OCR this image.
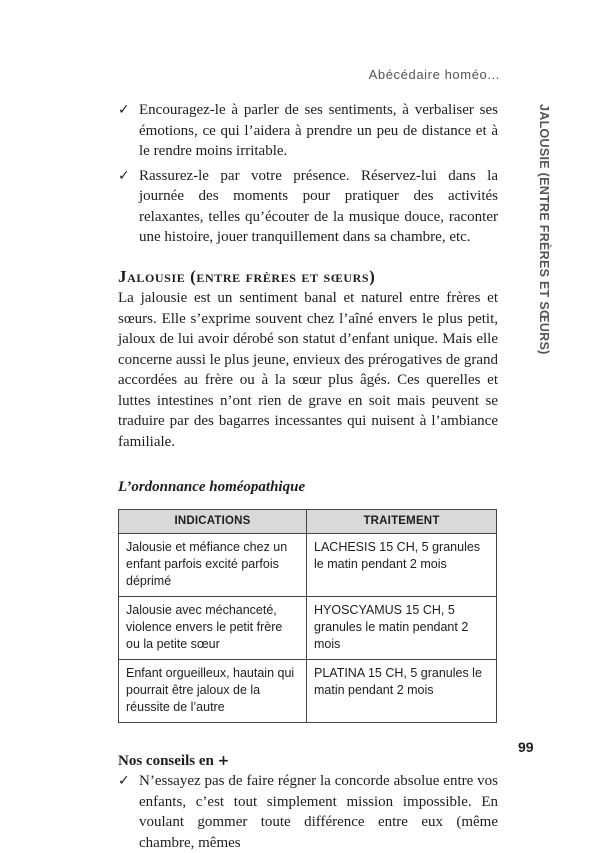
Abécédaire homéo...
JALOUSIE (ENTRE FRÈRES ET SŒURS)
✓ Encouragez-le à parler de ses sentiments, à verbaliser ses émotions, ce qui l’aidera à prendre un peu de distance et à le rendre moins irritable.
✓ Rassurez-le par votre présence. Réservez-lui dans la journée des moments pour pratiquer des activités relaxantes, telles qu’écouter de la musique douce, raconter une histoire, jouer tranquillement dans sa chambre, etc.
Jalousie (entre frères et sœurs)

La jalousie est un sentiment banal et naturel entre frères et sœurs. Elle s’exprime souvent chez l’aîné envers le plus petit, jaloux de lui avoir dérobé son statut d’enfant unique. Mais elle concerne aussi le plus jeune, envieux des prérogatives de grand accordées au frère ou à la sœur plus âgés. Ces querelles et luttes intestines n’ont rien de grave en soit mais peuvent se traduire par des bagarres incessantes qui nuisent à l’ambiance familiale.

L’ordonnance homéopathique

INDICATIONS	TRAITEMENT
Jalousie et méfiance chez un enfant parfois excité parfois déprimé	LACHESIS 15 CH, 5 granules le matin pendant 2 mois
Jalousie avec méchanceté, violence envers le petit frère ou la petite sœur	HYOSCYAMUS 15 CH, 5 granules le matin pendant 2 mois
Enfant orgueilleux, hautain qui pourrait être jaloux de la réussite de l’autre	PLATINA 15 CH, 5 granules le matin pendant 2 mois

Nos conseils en +

✓ N’essayez pas de faire régner la concorde absolue entre vos enfants, c’est tout simplement mission impossible. En voulant gommer toute différence entre eux (même chambre, mêmes
99
